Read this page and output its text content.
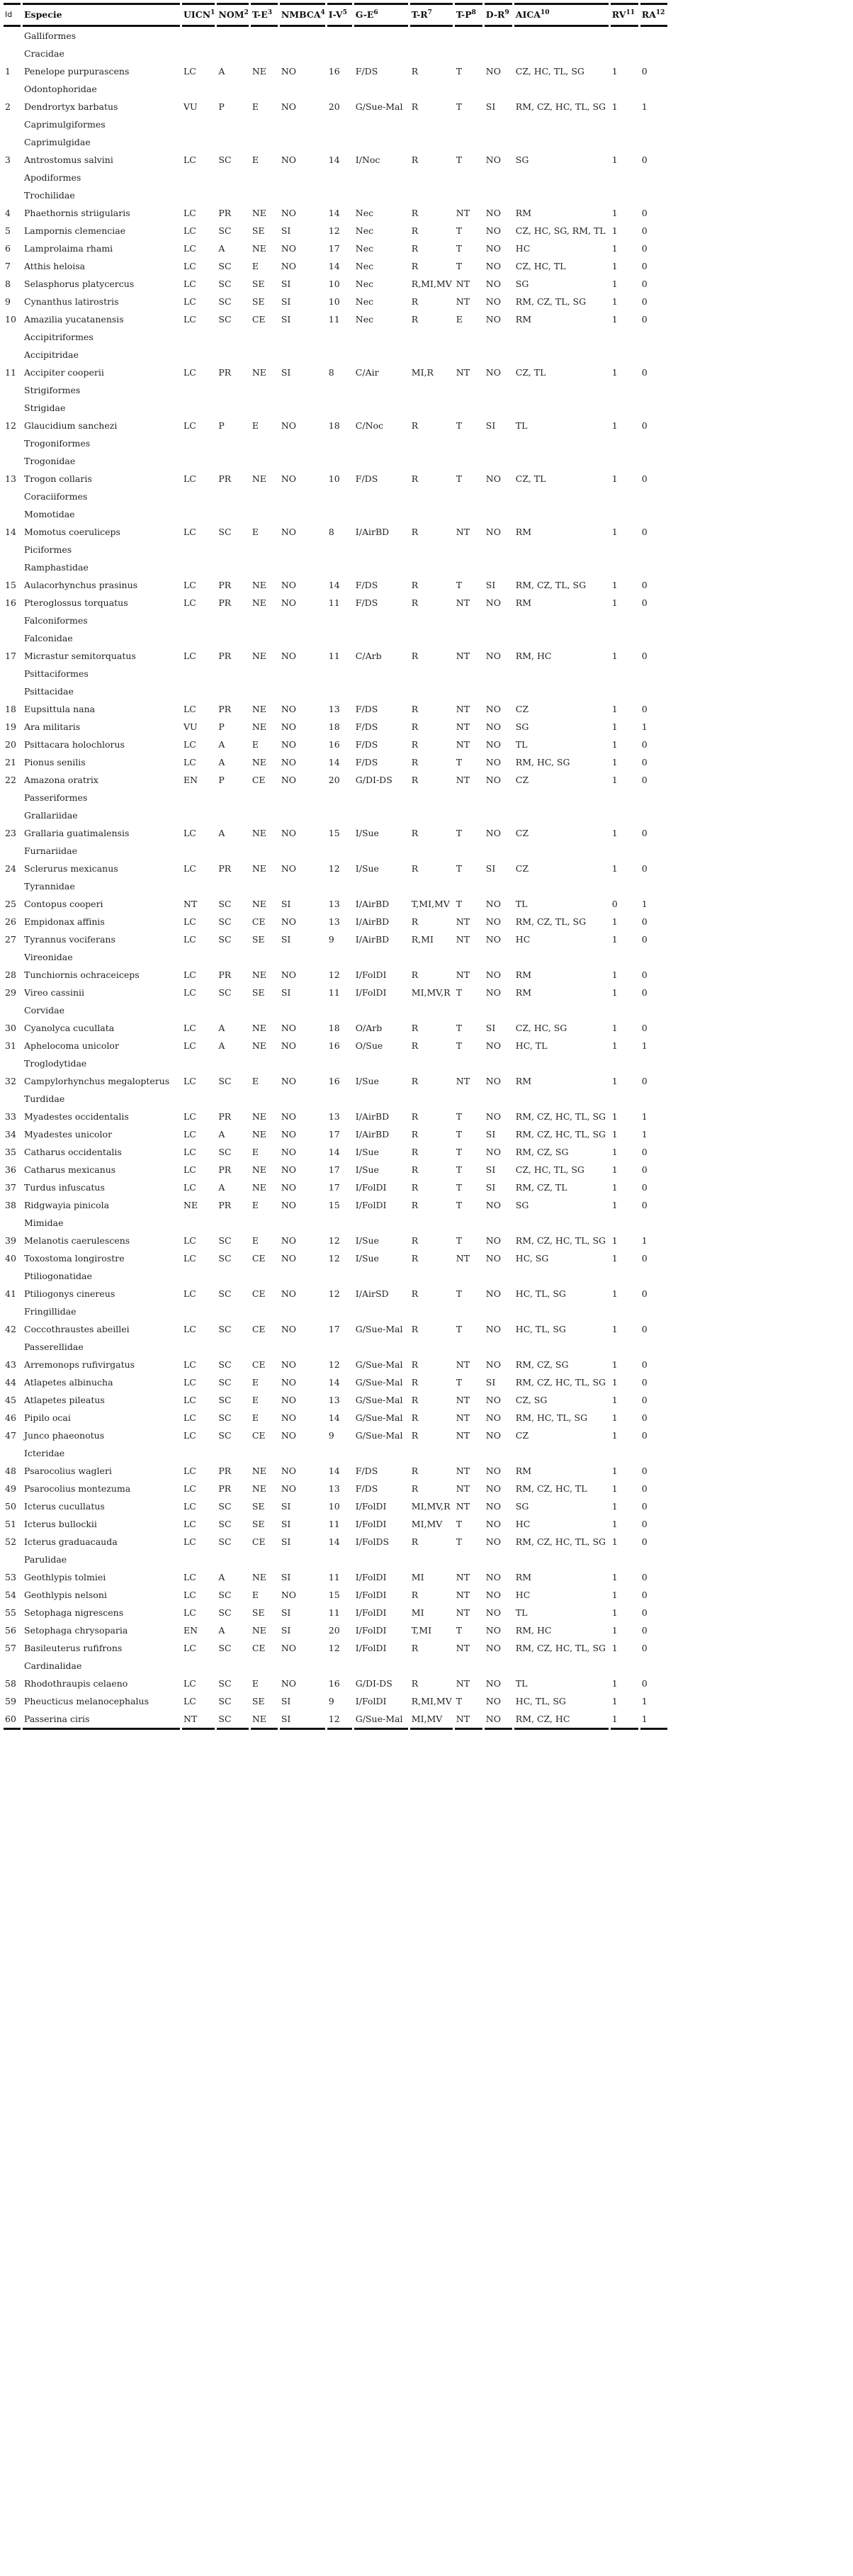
Id	Especie	UICN$^1$	NOM$^2$	$T-E^3$	NMBCA$^4$	$I-V^5$	$G-E^6$	$T-R^7$	$T-P^8$	$D-R^9$	AICA$^{10}$	RV$^{11}$	RA$^{12}$
	Galliformes												
	Cracidae												
1	Penelope purpurascens	LC	A	NE	NO	16	F/DS	R	T	NO	CZ, HC, TL, SG	1	0
	Odontophoridae												
2	Dendrortyx barbatus	VU	P	E	NO	20	G/Sue-Mal	R	T	SI	RM, CZ, HC, TL, SG	1	1
	Caprimulgiformes												
	Caprimulgidae												
3	Antrostomus salvini	LC	SC	E	NO	14	I/Noc	R	T	NO	SG	1	0
	Apodiformes												
	Trochilidae												
4	Phaethornis striigularis	LC	PR	NE	NO	14	Nec	R	NT	NO	RM	1	0
5	Lampornis clemenciae	LC	SC	SE	SI	12	Nec	R	T	NO	CZ, HC, SG, RM, TL	1	0
6	Lamprolaima rhami	LC	A	NE	NO	17	Nec	R	T	NO	HC	1	0
7	Atthis heloisa	LC	SC	E	NO	14	Nec	R	T	NO	CZ, HC, TL	1	0
8	Selasphorus platycercus	LC	SC	SE	SI	10	Nec	R,MI,MV	NT	NO	SG	1	0
9	Cynanthus latirostris	LC	SC	SE	SI	10	Nec	R	NT	NO	RM, CZ, TL, SG	1	0
10	Amazilia yucatanensis	LC	SC	CE	SI	11	Nec	R	E	NO	RM	1	0
	Accipitriformes												
	Accipitridae												
11	Accipiter cooperii	LC	PR	NE	SI	8	C/Air	MI,R	NT	NO	CZ, TL	1	0
	Strigiformes												
	Strigidae												
12	Glaucidium sanchezi	LC	P	E	NO	18	C/Noc	R	T	SI	TL	1	0
	Trogoniformes												
	Trogonidae												
13	Trogon collaris	LC	PR	NE	NO	10	F/DS	R	T	NO	CZ, TL	1	0
	Coraciiformes												
	Momotidae												
14	Momotus coeruliceps	LC	SC	E	NO	8	I/AirBD	R	NT	NO	RM	1	0
	Piciformes												
	Ramphastidae												
15	Aulacorhynchus prasinus	LC	PR	NE	NO	14	F/DS	R	T	SI	RM, CZ, TL, SG	1	0
16	Pteroglossus torquatus	LC	PR	NE	NO	11	F/DS	R	NT	NO	RM	1	0
	Falconiformes												
	Falconidae												
17	Micrastur semitorquatus	LC	PR	NE	NO	11	C/Arb	R	NT	NO	RM, HC	1	0
	Psittaciformes												
	Psittacidae												
18	Eupsittula nana	LC	PR	NE	NO	13	F/DS	R	NT	NO	CZ	1	0
19	Ara militaris	VU	P	NE	NO	18	F/DS	R	NT	NO	SG	1	1
20	Psittacara holochlorus	LC	A	E	NO	16	F/DS	R	NT	NO	TL	1	0
21	Pionus senilis	LC	A	NE	NO	14	F/DS	R	T	NO	RM, HC, SG	1	0
22	Amazona oratrix	EN	P	CE	NO	20	G/DI-DS	R	NT	NO	CZ	1	0
	Passeriformes												
	Grallariidae												
23	Grallaria guatimalensis	LC	A	NE	NO	15	I/Sue	R	T	NO	CZ	1	0
	Furnariidae												
24	Sclerurus mexicanus	LC	PR	NE	NO	12	I/Sue	R	T	SI	CZ	1	0
	Tyrannidae												
25	Contopus cooperi	NT	SC	NE	SI	13	I/AirBD	T,MI,MV	T	NO	TL	0	1
26	Empidonax affinis	LC	SC	CE	NO	13	I/AirBD	R	NT	NO	RM, CZ, TL, SG	1	0
27	Tyrannus vociferans	LC	SC	SE	SI	9	I/AirBD	R,MI	NT	NO	HC	1	0
	Vireonidae												
28	Tunchiornis ochraceiceps	LC	PR	NE	NO	12	I/FolDI	R	NT	NO	RM	1	0
29	Vireo cassinii	LC	SC	SE	SI	11	I/FolDI	MI,MV,R	T	NO	RM	1	0
	Corvidae												
30	Cyanolyca cucullata	LC	A	NE	NO	18	O/Arb	R	T	SI	CZ, HC, SG	1	0
31	Aphelocoma unicolor	LC	A	NE	NO	16	O/Sue	R	T	NO	HC, TL	1	1
	Troglodytidae												
32	Campylorhynchus megalopterus	LC	SC	E	NO	16	I/Sue	R	NT	NO	RM	1	0
	Turdidae												
33	Myadestes occidentalis	LC	PR	NE	NO	13	I/AirBD	R	T	NO	RM, CZ, HC, TL, SG	1	1
34	Myadestes unicolor	LC	A	NE	NO	17	I/AirBD	R	T	SI	RM, CZ, HC, TL, SG	1	1
35	Catharus occidentalis	LC	SC	E	NO	14	I/Sue	R	T	NO	RM, CZ, SG	1	0
36	Catharus mexicanus	LC	PR	NE	NO	17	I/Sue	R	T	SI	CZ, HC, TL, SG	1	0
37	Turdus infuscatus	LC	A	NE	NO	17	I/FolDI	R	T	SI	RM, CZ, TL	1	0
38	Ridgwayia pinicola	NE	PR	E	NO	15	I/FolDI	R	T	NO	SG	1	0
	Mimidae												
39	Melanotis caerulescens	LC	SC	E	NO	12	I/Sue	R	T	NO	RM, CZ, HC, TL, SG	1	1
40	Toxostoma longirostre	LC	SC	CE	NO	12	I/Sue	R	NT	NO	HC, SG	1	0
	Ptiliogonatidae												
41	Ptiliogonys cinereus	LC	SC	CE	NO	12	I/AirSD	R	T	NO	HC, TL, SG	1	0
	Fringillidae												
42	Coccothraustes abeillei	LC	SC	CE	NO	17	G/Sue-Mal	R	T	NO	HC, TL, SG	1	0
	Passerellidae												
43	Arremonops rufivirgatus	LC	SC	CE	NO	12	G/Sue-Mal	R	NT	NO	RM, CZ, SG	1	0
44	Atlapetes albinucha	LC	SC	E	NO	14	G/Sue-Mal	R	T	SI	RM, CZ, HC, TL, SG	1	0
45	Atlapetes pileatus	LC	SC	E	NO	13	G/Sue-Mal	R	NT	NO	CZ, SG	1	0
46	Pipilo ocai	LC	SC	E	NO	14	G/Sue-Mal	R	NT	NO	RM, HC, TL, SG	1	0
47	Junco phaeonotus	LC	SC	CE	NO	9	G/Sue-Mal	R	NT	NO	CZ	1	0
	Icteridae												
48	Psarocolius wagleri	LC	PR	NE	NO	14	F/DS	R	NT	NO	RM	1	0
49	Psarocolius montezuma	LC	PR	NE	NO	13	F/DS	R	NT	NO	RM, CZ, HC, TL	1	0
50	Icterus cucullatus	LC	SC	SE	SI	10	I/FolDI	MI,MV,R	NT	NO	SG	1	0
51	Icterus bullockii	LC	SC	SE	SI	11	I/FolDI	MI,MV	T	NO	HC	1	0
52	Icterus graduacauda	LC	SC	CE	SI	14	I/FolDS	R	T	NO	RM, CZ, HC, TL, SG	1	0
	Parulidae												
53	Geothlypis tolmiei	LC	A	NE	SI	11	I/FolDI	MI	NT	NO	RM	1	0
54	Geothlypis nelsoni	LC	SC	E	NO	15	I/FolDI	R	NT	NO	HC	1	0
55	Setophaga nigrescens	LC	SC	SE	SI	11	I/FolDI	MI	NT	NO	TL	1	0
56	Setophaga chrysoparia	EN	A	NE	SI	20	I/FolDI	T,MI	T	NO	RM, HC	1	0
57	Basileuterus rufifrons	LC	SC	CE	NO	12	I/FolDI	R	NT	NO	RM, CZ, HC, TL, SG	1	0
	Cardinalidae												
58	Rhodothraupis celaeno	LC	SC	E	NO	16	G/DI-DS	R	NT	NO	TL	1	0
59	Pheucticus melanocephalus	LC	SC	SE	SI	9	I/FolDI	R,MI,MV	T	NO	HC, TL, SG	1	1
60	Passerina ciris	NT	SC	NE	SI	12	G/Sue-Mal	MI,MV	NT	NO	RM, CZ, HC	1	1
